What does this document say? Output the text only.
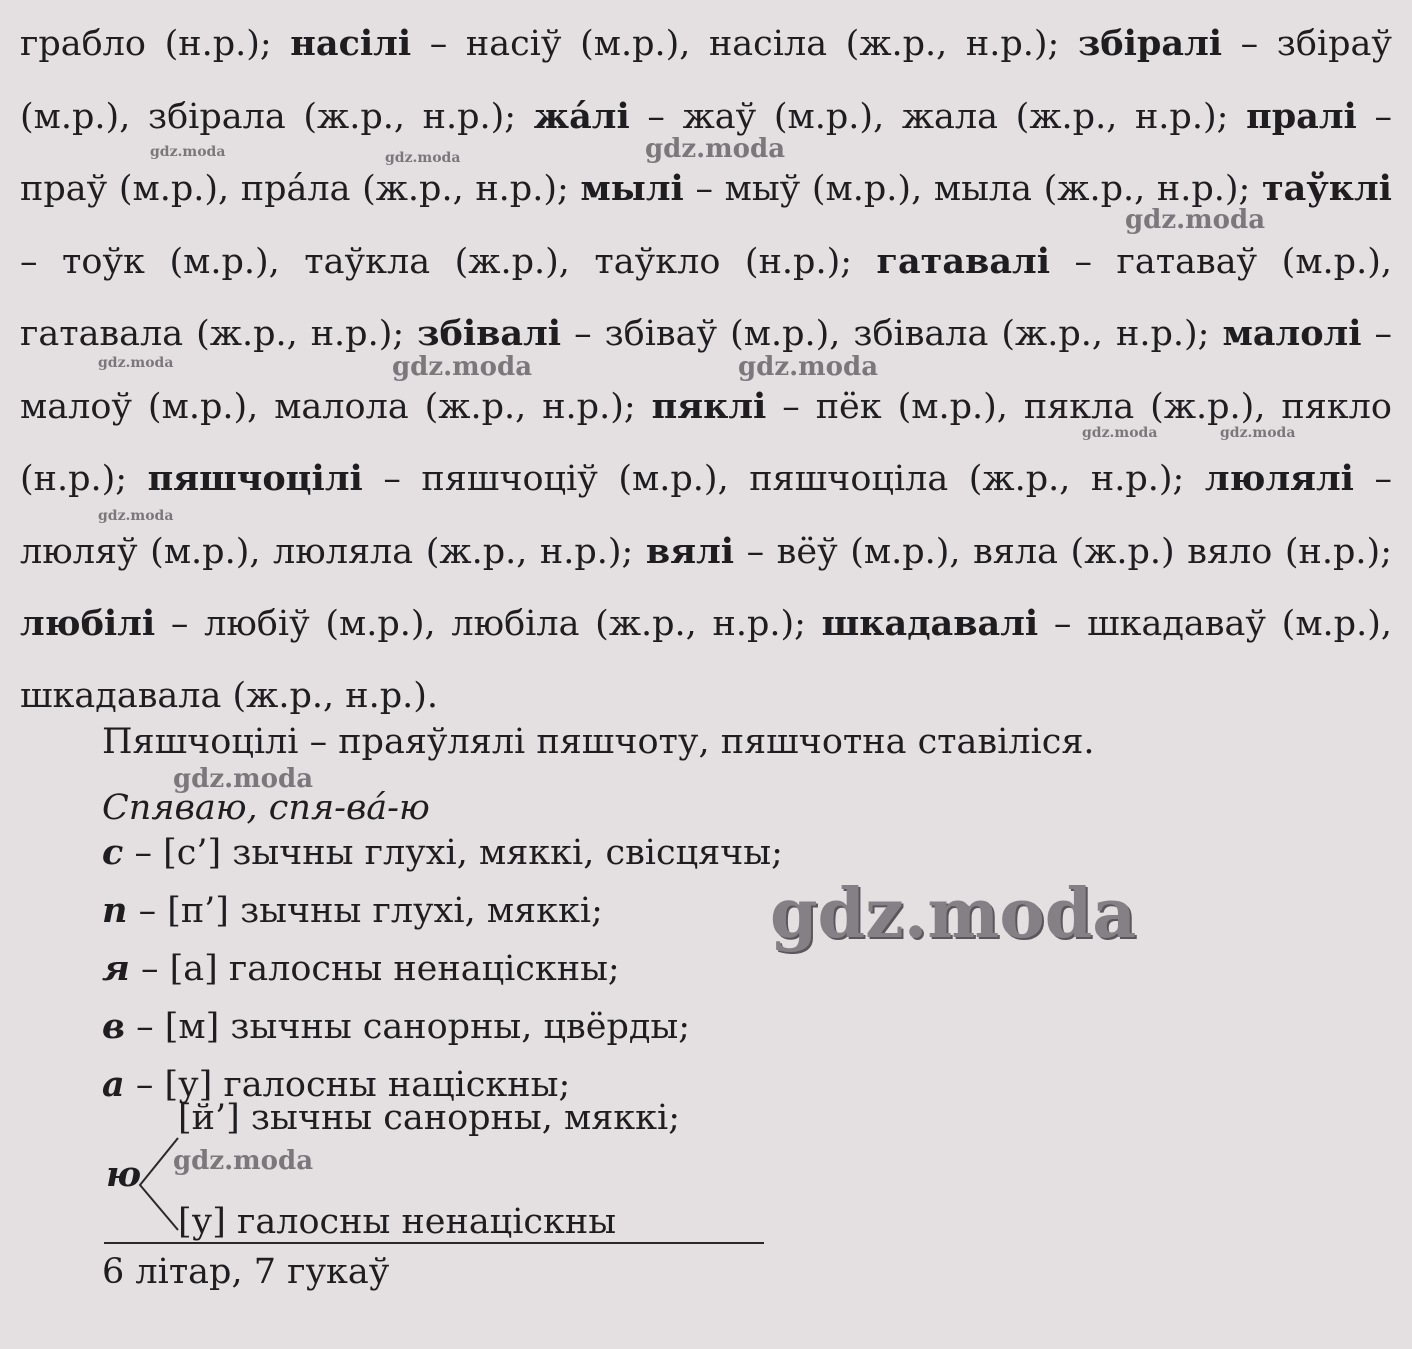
грабло (н.р.); насілі – насіў (м.р.), насіла (ж.р., н.р.); збіралі – збіраў (м.р.), збірала (ж.р., н.р.); жа́лі – жаў (м.р.), жала (ж.р., н.р.); пралі – праў (м.р.), пра́ла (ж.р., н.р.); мылі – мыў (м.р.), мыла (ж.р., н.р.); таўклі – тоўк (м.р.), таўкла (ж.р.), таўкло (н.р.); гатавалі – гатаваў (м.р.), гатавала (ж.р., н.р.); збівалі – збіваў (м.р.), збівала (ж.р., н.р.); малолі – малоў (м.р.), малола (ж.р., н.р.); пяклі – пёк (м.р.), пякла (ж.р.), пякло (н.р.); пяшчоцілі – пяшчоціў (м.р.), пяшчоціла (ж.р., н.р.); люлялі – люляў (м.р.), люляла (ж.р., н.р.); вялі – вёў (м.р.), вяла (ж.р.) вяло (н.р.); любілі – любіў (м.р.), любіла (ж.р., н.р.); шкадавалі – шкадаваў (м.р.), шкадавала (ж.р., н.р.).

Пяшчоцілі – праяўлялі пяшчоту, пяшчотна ставіліся.
Спяваю, спя-ва́-ю
с – [с’] зычны глухі, мяккі, свісцячы;
п – [п’] зычны глухі, мяккі;
я – [а] галосны ненацiскны;
в – [м] зычны санорны, цвёрды;
а – [у] галосны націскны;
ю
[й’] зычны санорны, мяккі;
[у] галосны ненацiскны
6 літар, 7 гукаў
gdz.moda	gdz.moda	gdz.moda
gdz.moda
gdz.moda	gdz.moda	gdz.moda
gdz.moda	gdz.moda
gdz.moda
gdz.moda
gdz.moda
gdz.moda
